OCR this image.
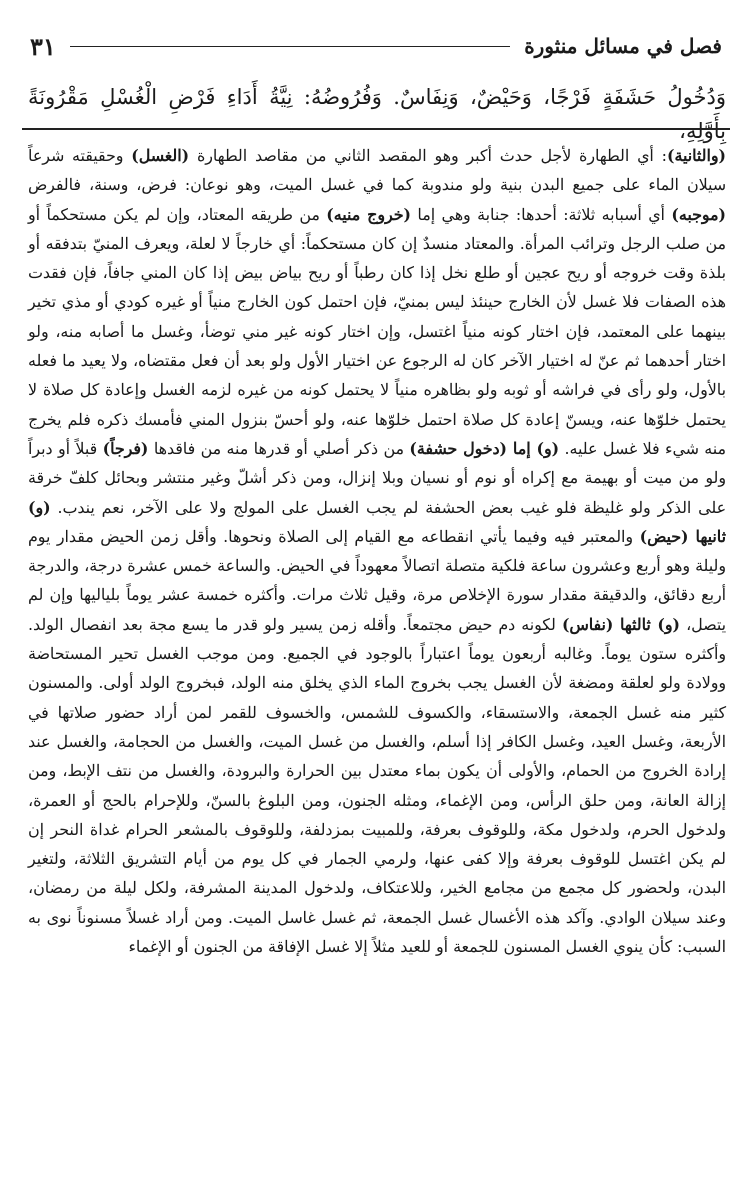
فصل في مسائل منثورة
٣١
وَدُخُولُ حَشَفَةٍ فَرْجًا، وَحَيْضٌ، وَنِفَاسٌ. وَفُرُوضُهُ: نِيَّةُ أَدَاءِ فَرْضِ الْغُسْلِ مَقْرُونَةً بِأَوَّلِهِ،

(والثانية): أي الطهارة لأجل حدث أكبر وهو المقصد الثاني من مقاصد الطهارة (الغسل) وحقيقته شرعاً سيلان الماء على جميع البدن بنية ولو مندوبة كما في غسل الميت، وهو نوعان: فرض، وسنة، فالفرض (موجبه) أي أسبابه ثلاثة: أحدها: جنابة وهي إما (خروج منيه) من طريقه المعتاد، وإن لم يكن مستحكماً أو من صلب الرجل وترائب المرأة. والمعتاد منسدٌ إن كان مستحكماً: أي خارجاً لا لعلة، ويعرف المنيّ بتدفقه أو بلذة وقت خروجه أو ريح عجين أو طلع نخل إذا كان رطباً أو ريح بياض بيض إذا كان المني جافاً، فإن فقدت هذه الصفات فلا غسل لأن الخارج حينئذ ليس بمنيّ، فإن احتمل كون الخارج منياً أو غيره كودي أو مذي تخير بينهما على المعتمد، فإن اختار كونه منياً اغتسل، وإن اختار كونه غير مني توضأ، وغسل ما أصابه منه، ولو اختار أحدهما ثم عنّ له اختيار الآخر كان له الرجوع عن اختيار الأول ولو بعد أن فعل مقتضاه، ولا يعيد ما فعله بالأول، ولو رأى في فراشه أو ثوبه ولو بظاهره منياً لا يحتمل كونه من غيره لزمه الغسل وإعادة كل صلاة لا يحتمل خلوّها عنه، ويسنّ إعادة كل صلاة احتمل خلوّها عنه، ولو أحسّ بنزول المني فأمسك ذكره فلم يخرج منه شيء فلا غسل عليه. (و) إما (دخول حشفة) من ذكر أصلي أو قدرها منه من فاقدها (فرجاً) قبلاً أو دبراً ولو من ميت أو بهيمة مع إكراه أو نوم أو نسيان وبلا إنزال، ومن ذكر أشلّ وغير منتشر وبحائل كلفّ خرقة على الذكر ولو غليظة فلو غيب بعض الحشفة لم يجب الغسل على المولج ولا على الآخر، نعم يندب. (و) ثانيها (حيض) والمعتبر فيه وفيما يأتي انقطاعه مع القيام إلى الصلاة ونحوها. وأقل زمن الحيض مقدار يوم وليلة وهو أربع وعشرون ساعة فلكية متصلة اتصالاً معهوداً في الحيض. والساعة خمس عشرة درجة، والدرجة أربع دقائق، والدقيقة مقدار سورة الإخلاص مرة، وقيل ثلاث مرات. وأكثره خمسة عشر يوماً بلياليها وإن لم يتصل، (و) ثالثها (نفاس) لكونه دم حيض مجتمعاً. وأقله زمن يسير ولو قدر ما يسع مجة بعد انفصال الولد. وأكثره ستون يوماً. وغالبه أربعون يوماً اعتباراً بالوجود في الجميع. ومن موجب الغسل تحير المستحاضة وولادة ولو لعلقة ومضغة لأن الغسل يجب بخروج الماء الذي يخلق منه الولد، فبخروج الولد أولى. والمسنون كثير منه غسل الجمعة، والاستسقاء، والكسوف للشمس، والخسوف للقمر لمن أراد حضور صلاتها في الأربعة، وغسل العيد، وغسل الكافر إذا أسلم، والغسل من غسل الميت، والغسل من الحجامة، والغسل عند إرادة الخروج من الحمام، والأولى أن يكون بماء معتدل بين الحرارة والبرودة، والغسل من نتف الإبط، ومن إزالة العانة، ومن حلق الرأس، ومن الإغماء، ومثله الجنون، ومن البلوغ بالسنّ، وللإحرام بالحج أو العمرة، ولدخول الحرم، ولدخول مكة، وللوقوف بعرفة، وللمبيت بمزدلفة، وللوقوف بالمشعر الحرام غداة النحر إن لم يكن اغتسل للوقوف بعرفة وإلا كفى عنها، ولرمي الجمار في كل يوم من أيام التشريق الثلاثة، ولتغير البدن، ولحضور كل مجمع من مجامع الخير، وللاعتكاف، ولدخول المدينة المشرفة، ولكل ليلة من رمضان، وعند سيلان الوادي. وآكد هذه الأغسال غسل الجمعة، ثم غسل غاسل الميت. ومن أراد غسلاً مسنوناً نوى به السبب: كأن ينوي الغسل المسنون للجمعة أو للعيد مثلاً إلا غسل الإفاقة من الجنون أو الإغماء
